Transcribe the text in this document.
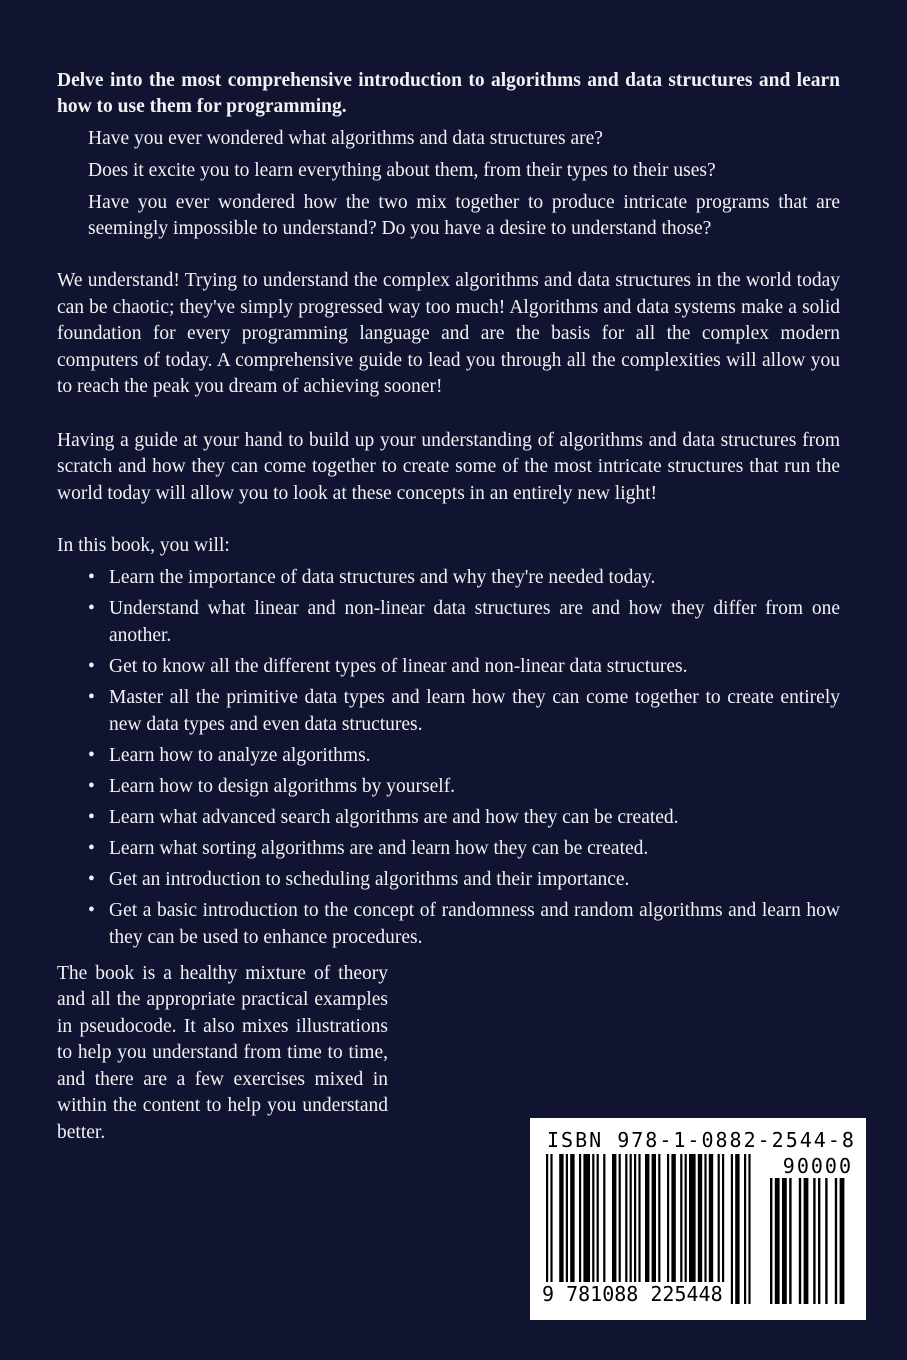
Delve into the most comprehensive introduction to algorithms and data structures and learn how to use them for programming.

Have you ever wondered what algorithms and data structures are?

Does it excite you to learn everything about them, from their types to their uses?

Have you ever wondered how the two mix together to produce intricate programs that are seemingly impossible to understand? Do you have a desire to understand those?

We understand! Trying to understand the complex algorithms and data structures in the world today can be chaotic; they've simply progressed way too much! Algorithms and data systems make a solid foundation for every programming language and are the basis for all the complex modern computers of today. A comprehensive guide to lead you through all the complexities will allow you to reach the peak you dream of achieving sooner!

Having a guide at your hand to build up your understanding of algorithms and data structures from scratch and how they can come together to create some of the most intricate structures that run the world today will allow you to look at these concepts in an entirely new light!

In this book, you will:

• Learn the importance of data structures and why they're needed today.
• Understand what linear and non-linear data structures are and how they differ from one another.
• Get to know all the different types of linear and non-linear data structures.
• Master all the primitive data types and learn how they can come together to create entirely new data types and even data structures.
• Learn how to analyze algorithms.
• Learn how to design algorithms by yourself.
• Learn what advanced search algorithms are and how they can be created.
• Learn what sorting algorithms are and learn how they can be created.
• Get an introduction to scheduling algorithms and their importance.
• Get a basic introduction to the concept of randomness and random algorithms and learn how they can be used to enhance procedures.

The book is a healthy mixture of theory and all the appropriate practical examples in pseudocode. It also mixes illustrations to help you understand from time to time, and there are a few exercises mixed in within the content to help you understand better.	ISBN 978-1-0882-2544-8
90000
9 781088 225448
